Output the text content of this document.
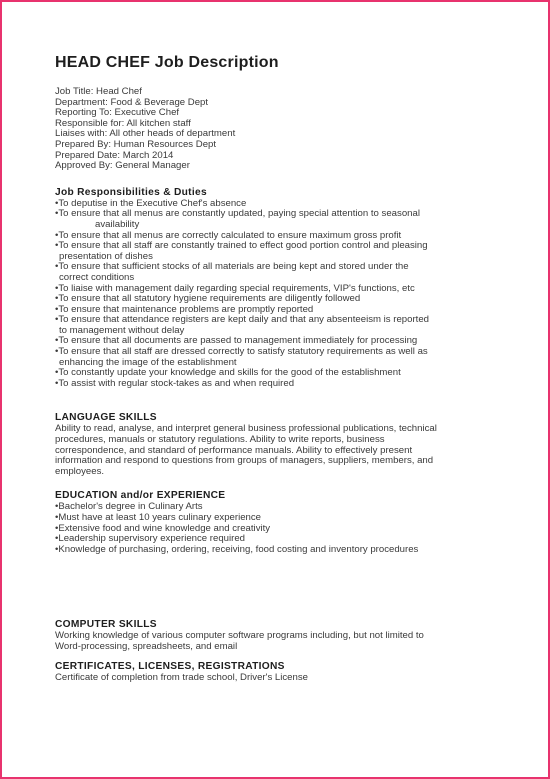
HEAD CHEF Job Description
Job Title: Head Chef
Department: Food & Beverage Dept
Reporting To: Executive Chef
Responsible for: All kitchen staff
Liaises with: All other heads of department
Prepared By: Human Resources Dept
Prepared Date: March 2014
Approved By: General Manager
Job Responsibilities & Duties
•To deputise in the Executive Chef's absence
•To ensure that all menus are constantly updated, paying special attention to seasonal
availability
•To ensure that all menus are correctly calculated to ensure maximum gross profit
•To ensure that all staff are constantly trained to effect good portion control and pleasing
presentation of dishes
•To ensure that sufficient stocks of all materials are being kept and stored under the
correct conditions
•To liaise with management daily regarding special requirements, VIP's functions, etc
•To ensure that all statutory hygiene requirements are diligently followed
•To ensure that maintenance problems are promptly reported
•To ensure that attendance registers are kept daily and that any absenteeism is reported
to management without delay
•To ensure that all documents are passed to management immediately for processing
•To ensure that all staff are dressed correctly to satisfy statutory requirements as well as
enhancing the image of the establishment
•To constantly update your knowledge and skills for the good of the establishment
•To assist with regular stock-takes as and when required
LANGUAGE SKILLS
Ability to read, analyse, and interpret general business professional publications, technical
procedures, manuals or statutory regulations. Ability to write reports, business
correspondence, and standard of performance manuals. Ability to effectively present
information and respond to questions from groups of managers, suppliers, members, and
employees.
EDUCATION and/or EXPERIENCE
•Bachelor's degree in Culinary Arts
•Must have at least 10 years culinary experience
•Extensive food and wine knowledge and creativity
•Leadership supervisory experience required
•Knowledge of purchasing, ordering, receiving, food costing and inventory procedures
COMPUTER SKILLS
Working knowledge of various computer software programs including, but not limited to
Word-processing, spreadsheets, and email
CERTIFICATES, LICENSES, REGISTRATIONS
Certificate of completion from trade school, Driver's License
